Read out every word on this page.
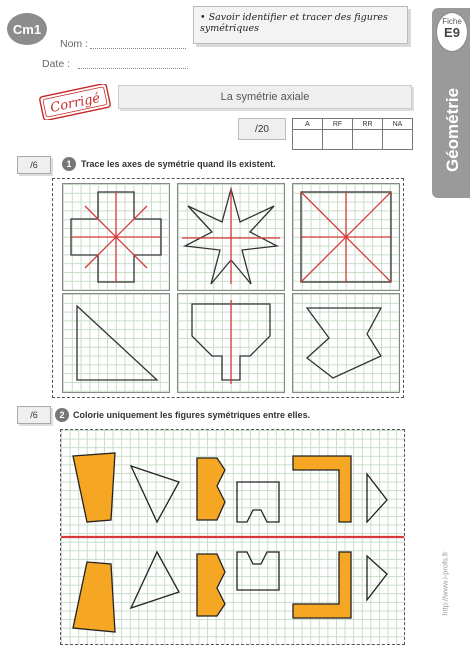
Cm1
• Savoir identifier et tracer des figures symétriques
Nom :
Date :
Corrigé	La symétrie axiale
Fiche
E9
Géométrie
/20	A	RF	RR	NA

/6	1	Trace les axes de symétrie quand ils existent.
/6	2 Colorie uniquement les figures symétriques entre elles.
http://www.i-profs.fr
